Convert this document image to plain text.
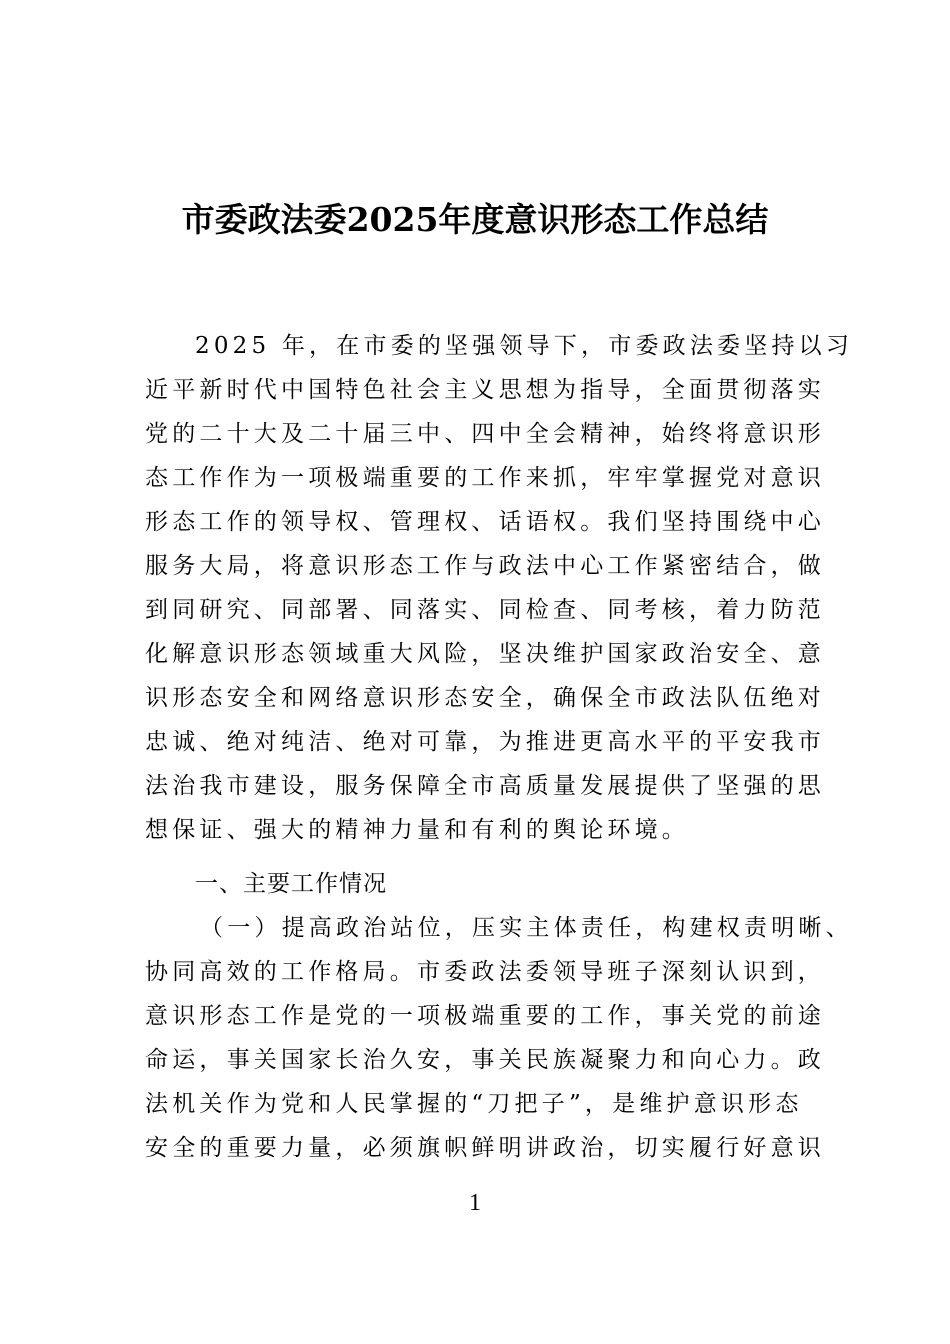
市委政法委2025年度意识形态工作总结
2025 年，在市委的坚强领导下，市委政法委坚持以习
近平新时代中国特色社会主义思想为指导，全面贯彻落实
党的二十大及二十届三中、四中全会精神，始终将意识形
态工作作为一项极端重要的工作来抓，牢牢掌握党对意识
形态工作的领导权、管理权、话语权。我们坚持围绕中心
服务大局，将意识形态工作与政法中心工作紧密结合，做
到同研究、同部署、同落实、同检查、同考核，着力防范
化解意识形态领域重大风险，坚决维护国家政治安全、意
识形态安全和网络意识形态安全，确保全市政法队伍绝对
忠诚、绝对纯洁、绝对可靠，为推进更高水平的平安我市
法治我市建设，服务保障全市高质量发展提供了坚强的思
想保证、强大的精神力量和有利的舆论环境。
一、主要工作情况
（一）提高政治站位，压实主体责任，构建权责明晰、
协同高效的工作格局。市委政法委领导班子深刻认识到，
意识形态工作是党的一项极端重要的工作，事关党的前途
命运，事关国家长治久安，事关民族凝聚力和向心力。政
法机关作为党和人民掌握的“刀把子”，是维护意识形态
安全的重要力量，必须旗帜鲜明讲政治，切实履行好意识
1
